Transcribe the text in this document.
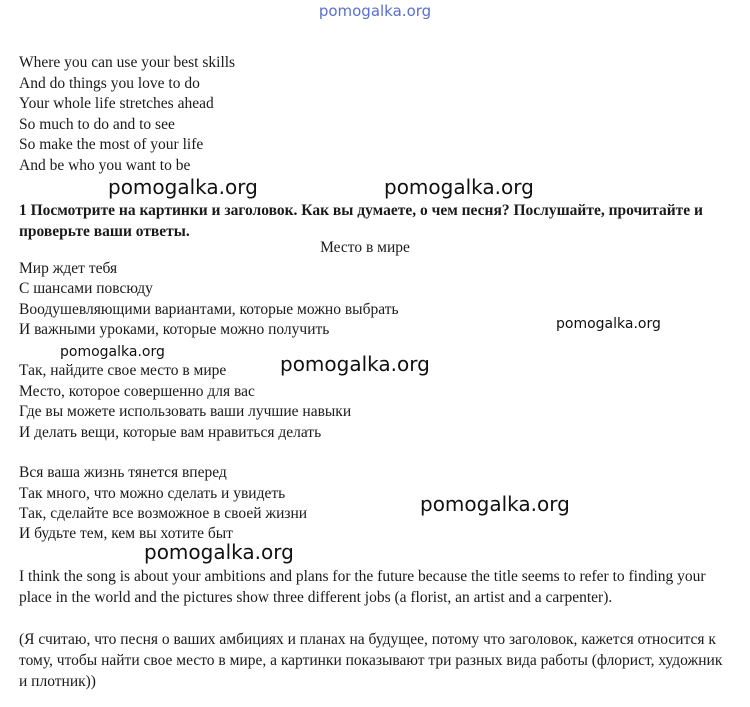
pomogalka.org
Where you can use your best skills
And do things you love to do
Your whole life stretches ahead
So much to do and to see
So make the most of your life
And be who you want to be
pomogalka.org	pomogalka.org
1 Посмотрите на картинки и заголовок. Как вы думаете, о чем песня? Послушайте, прочитайте и проверьте ваши ответы.
Место в мире
Мир ждет тебя
С шансами повсюду
Воодушевляющими вариантами, которые можно выбрать
И важными уроками, которые можно получить	pomogalka.org
pomogalka.org	pomogalka.org
Так, найдите свое место в мире
Место, которое совершенно для вас
Где вы можете использовать ваши лучшие навыки
И делать вещи, которые вам нравиться делать
Вся ваша жизнь тянется вперед
Так много, что можно сделать и увидеть
Так, сделайте все возможное в своей жизни
И будьте тем, кем вы хотите быт
pomogalka.org
pomogalka.org
I think the song is about your ambitions and plans for the future because the title seems to refer to finding your place in the world and the pictures show three different jobs (a florist, an artist and a carpenter).
(Я считаю, что песня о ваших амбициях и планах на будущее, потому что заголовок, кажется относится к тому, чтобы найти свое место в мире, а картинки показывают три разных вида работы (флорист, художник и плотник))
